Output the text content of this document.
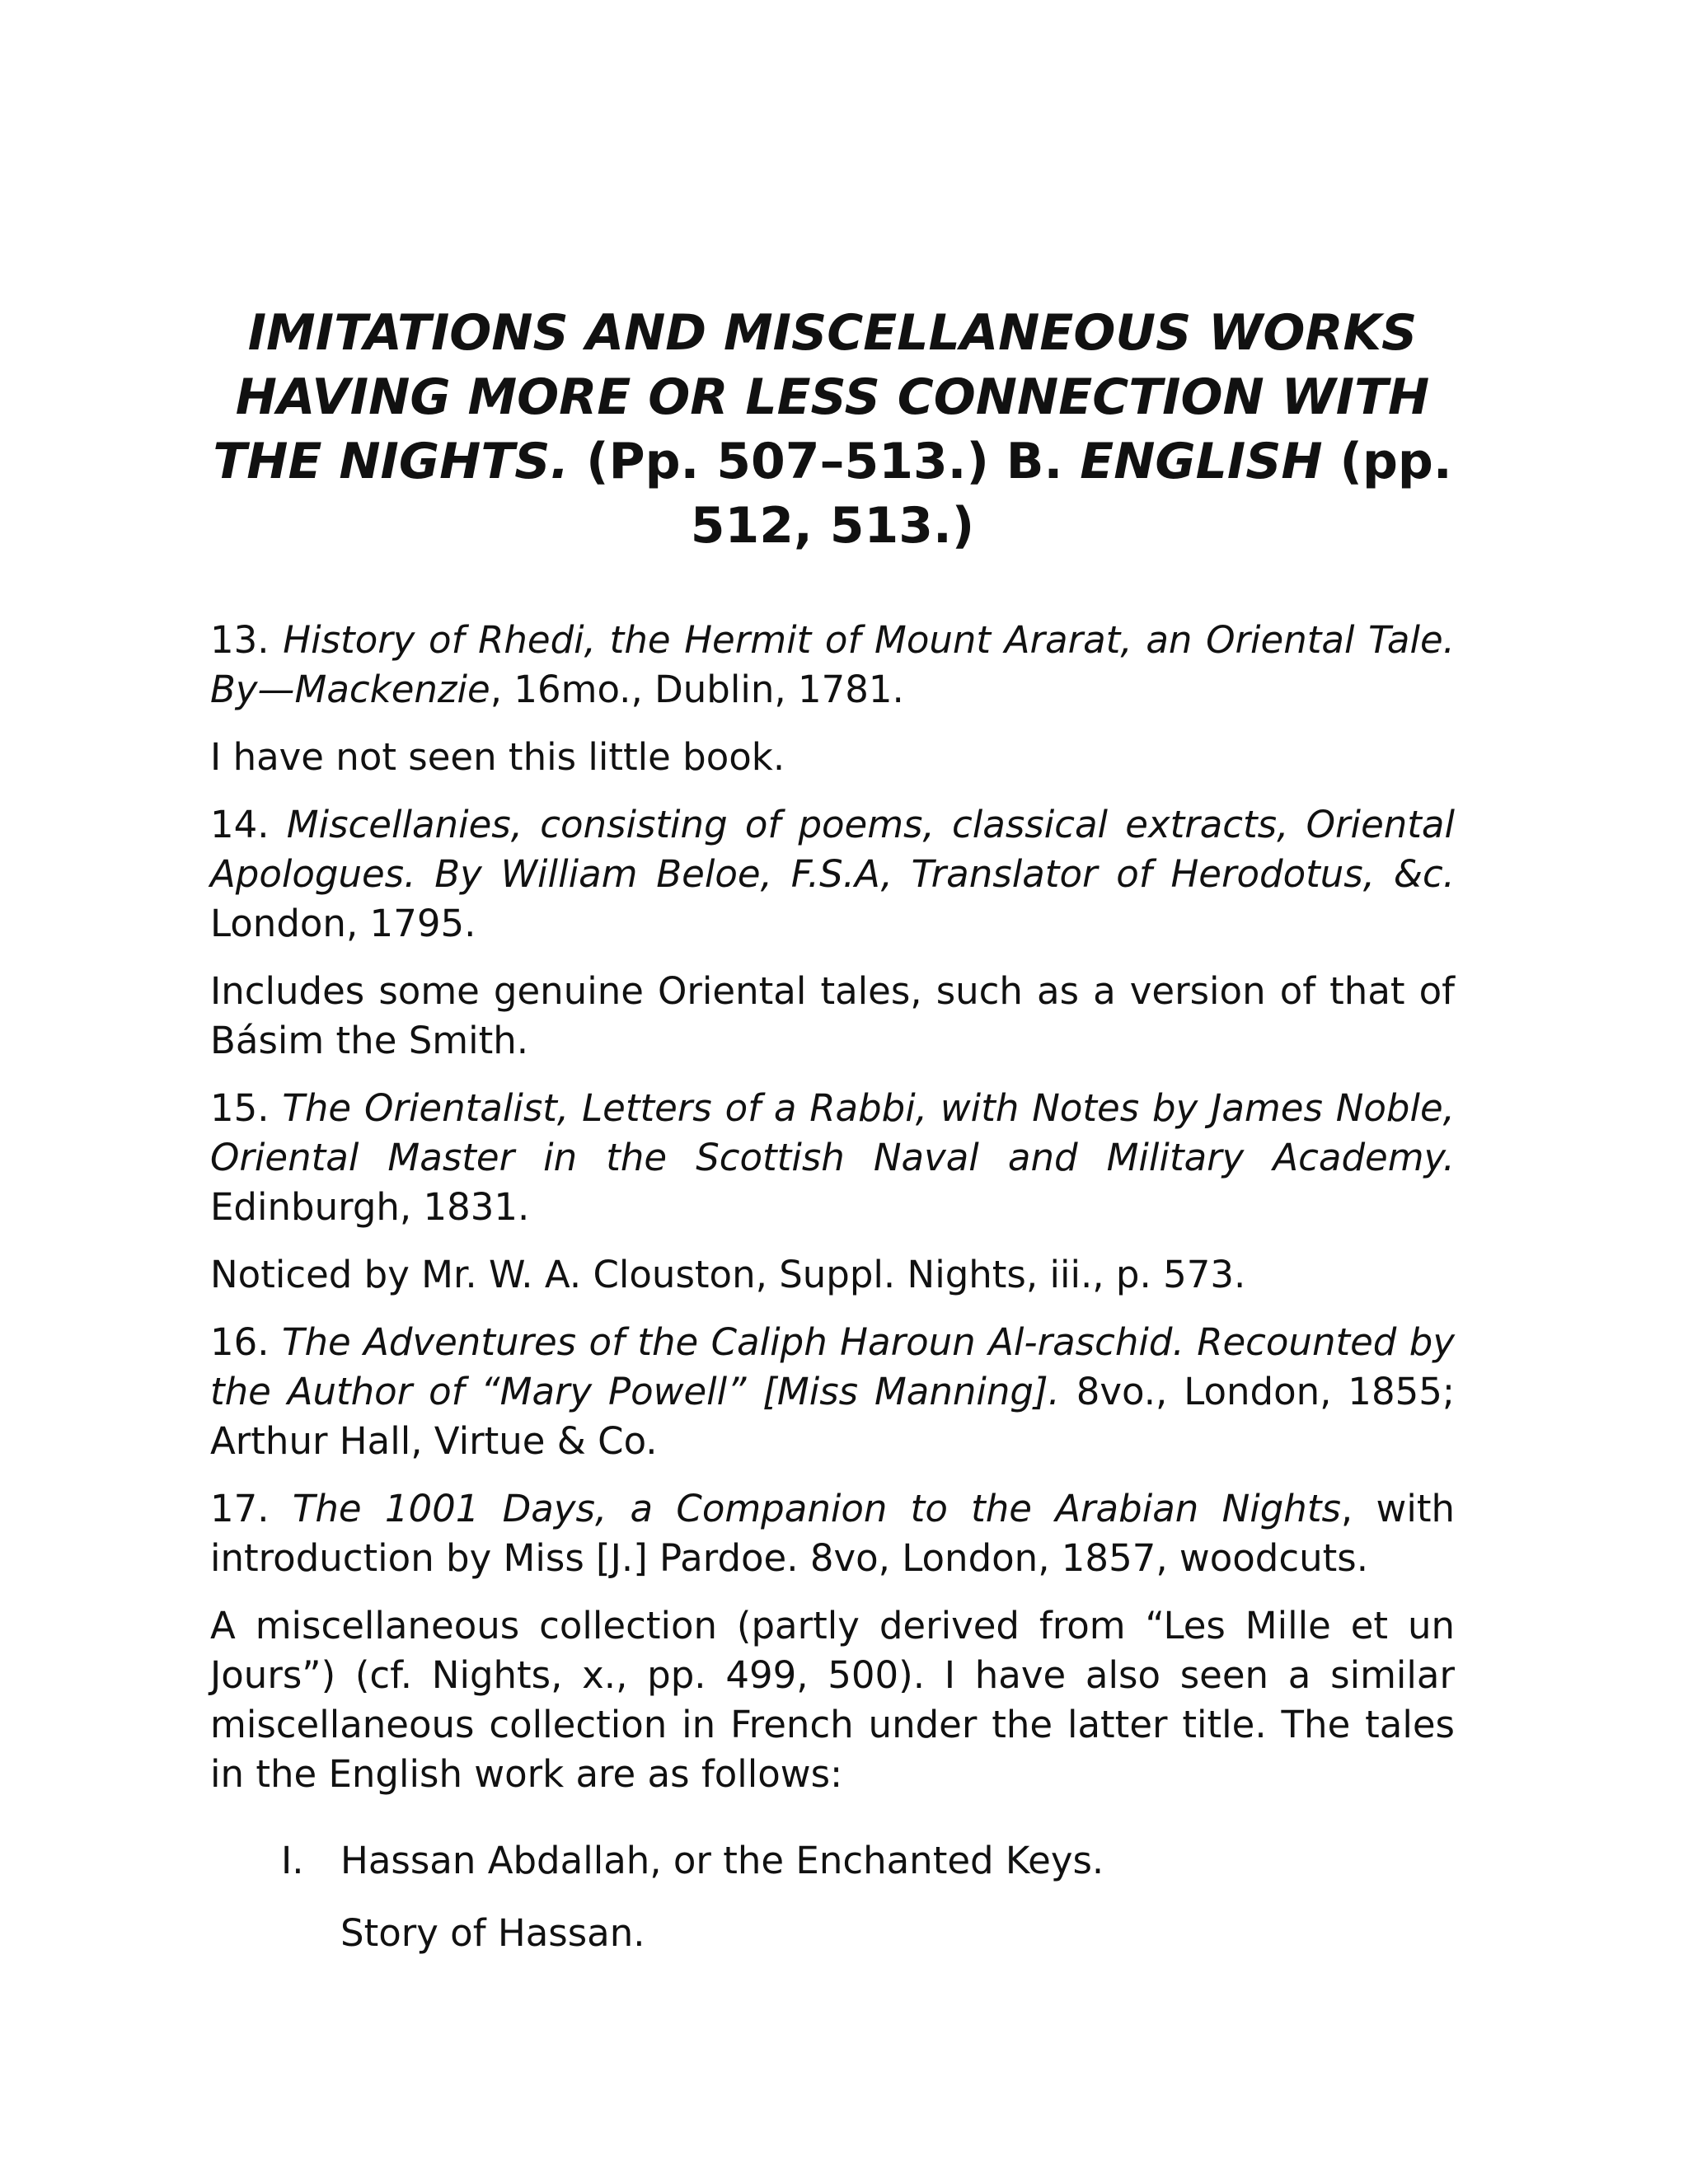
IMITATIONS AND MISCELLANEOUS WORKS HAVING MORE OR LESS CONNECTION WITH THE NIGHTS. (Pp. 507–513.) B. ENGLISH (pp. 512, 513.)

13. History of Rhedi, the Hermit of Mount Ararat, an Oriental Tale. By—Mackenzie, 16mo., Dublin, 1781.

I have not seen this little book.

14. Miscellanies, consisting of poems, classical extracts, Oriental Apologues. By William Beloe, F.S.A, Translator of Herodotus, &c. London, 1795.

Includes some genuine Oriental tales, such as a version of that of Básim the Smith.

15. The Orientalist, Letters of a Rabbi, with Notes by James Noble, Oriental Master in the Scottish Naval and Military Academy. Edinburgh, 1831.

Noticed by Mr. W. A. Clouston, Suppl. Nights, iii., p. 573.

16. The Adventures of the Caliph Haroun Al-raschid. Recounted by the Author of “Mary Powell” [Miss Manning]. 8vo., London, 1855; Arthur Hall, Virtue & Co.

17. The 1001 Days, a Companion to the Arabian Nights, with introduction by Miss [J.] Pardoe. 8vo, London, 1857, woodcuts.

A miscellaneous collection (partly derived from “Les Mille et un Jours”) (cf. Nights, x., pp. 499, 500). I have also seen a similar miscellaneous collection in French under the latter title. The tales in the English work are as follows:

I. Hassan Abdallah, or the Enchanted Keys.
Story of Hassan.
